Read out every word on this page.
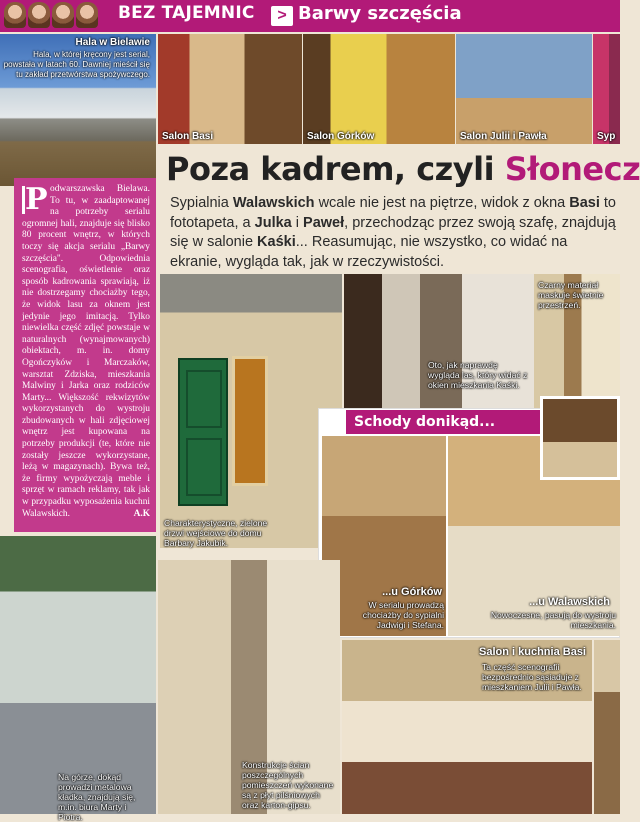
BEZ TAJEMNIC	> Barwy szczęścia
Hala w Bielawie
Hala, w której kręcony jest serial, powstała w latach 60. Dawniej mieścił się tu zakład przetwórstwa spożywczego.
Salon Basi	Salon Górków	Salon Julii i Pawła	Syp
Poza kadrem, czyli Słonecz
Sypialnia Walawskich wcale nie jest na piętrze, widok z okna Basi to fototapeta, a Julka i Paweł, przechodząc przez swoją szafę, znajdują się w salonie Kaśki... Reasumując, nie wszystko, co widać na ekranie, wygląda tak, jak w rzeczywistości.
P odwarszawska Bielawa. To tu, w zaadaptowanej na potrzeby serialu ogromnej hali, znajduje się blisko 80 procent wnętrz, w których toczy się akcja serialu „Barwy szczęścia". Odpowiednia scenografia, oświetlenie oraz sposób kadrowania sprawiają, iż nie dostrzegamy chociażby tego, że widok lasu za oknem jest jedynie jego imitacją. Tylko niewielka część zdjęć powstaje w naturalnych (wynajmowanych) obiektach, m. in. domy Ogończyków i Marczaków, warsztat Zdziska, mieszkania Malwiny i Jarka oraz rodziców Marty... Większość rekwizytów wykorzystanych do wystroju zbudowanych w hali zdjęciowej wnętrz jest kupowana na potrzeby produkcji (te, które nie zostały jeszcze wykorzystane, leżą w magazynach). Bywa też, że firmy wypożyczają meble i sprzęt w ramach reklamy, tak jak w przypadku wyposażenia kuchni Walawskich.	A.K
Charakterystyczne, zielone drzwi wejściowe do domu Barbary Jakubik.
Oto, jak naprawdę wygląda las, który widać z okien mieszkania Kaśki.
Czarny materiał maskuje świetnie przestrzeń.
Schody donikąd...
...u Górków
W serialu prowadzą chociażby do sypialni Jadwigi i Stefana.
...u Walawskich
Nowoczesne, pasują do wystroju mieszkania.
Na górze, dokąd prowadzi metalowa kładka, znajdują się, m.in. biura Marty i Piotra.
Konstrukcje ścian poszczególnych pomieszczeń wykonane są z płyt pilśniowych oraz karton-gipsu.
Salon i kuchnia Basi
Ta część scenografii bezpośrednio sąsiaduje z mieszkaniem Julii i Pawła.
